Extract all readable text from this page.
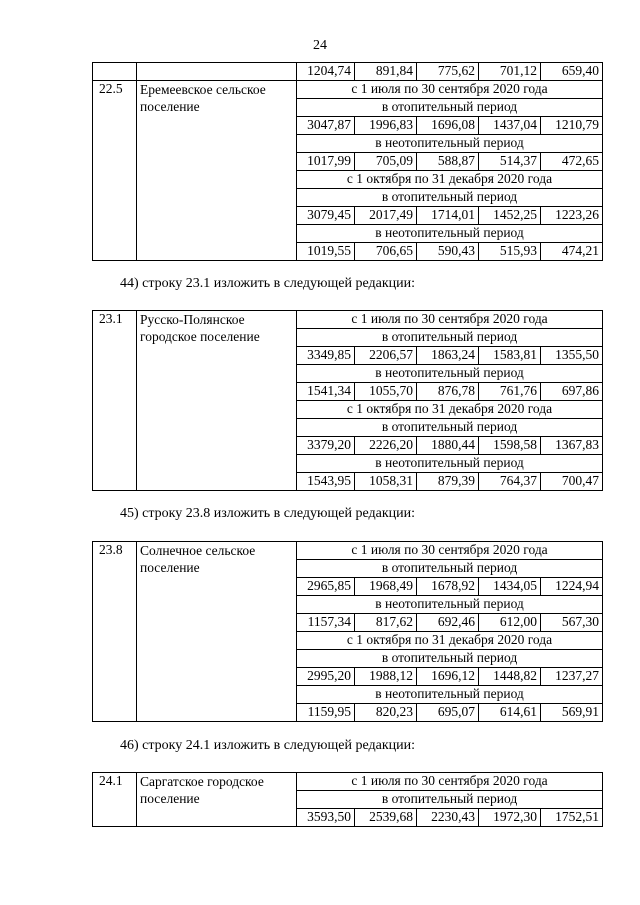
24
		1204,74	891,84	775,62	701,12	659,40
22.5	Еремеевское сельское поселение	с 1 июля по 30 сентября 2020 года				
		в отопительный период				
		3047,87	1996,83	1696,08	1437,04	1210,79
		в неотопительный период				
		1017,99	705,09	588,87	514,37	472,65
		с 1 октября по 31 декабря 2020 года				
		в отопительный период				
		3079,45	2017,49	1714,01	1452,25	1223,26
		в неотопительный период				
		1019,55	706,65	590,43	515,93	474,21
44) строку 23.1 изложить в следующей редакции:
23.1	Русско-Полянское городское поселение	с 1 июля по 30 сентября 2020 года				
		в отопительный период				
		3349,85	2206,57	1863,24	1583,81	1355,50
		в неотопительный период				
		1541,34	1055,70	876,78	761,76	697,86
		с 1 октября по 31 декабря 2020 года				
		в отопительный период				
		3379,20	2226,20	1880,44	1598,58	1367,83
		в неотопительный период				
		1543,95	1058,31	879,39	764,37	700,47
45) строку 23.8 изложить в следующей редакции:
23.8	Солнечное сельское поселение	с 1 июля по 30 сентября 2020 года				
		в отопительный период				
		2965,85	1968,49	1678,92	1434,05	1224,94
		в неотопительный период				
		1157,34	817,62	692,46	612,00	567,30
		с 1 октября по 31 декабря 2020 года				
		в отопительный период				
		2995,20	1988,12	1696,12	1448,82	1237,27
		в неотопительный период				
		1159,95	820,23	695,07	614,61	569,91
46) строку 24.1 изложить в следующей редакции:
24.1	Саргатское городское поселение	с 1 июля по 30 сентября 2020 года				
		в отопительный период				
		3593,50	2539,68	2230,43	1972,30	1752,51
